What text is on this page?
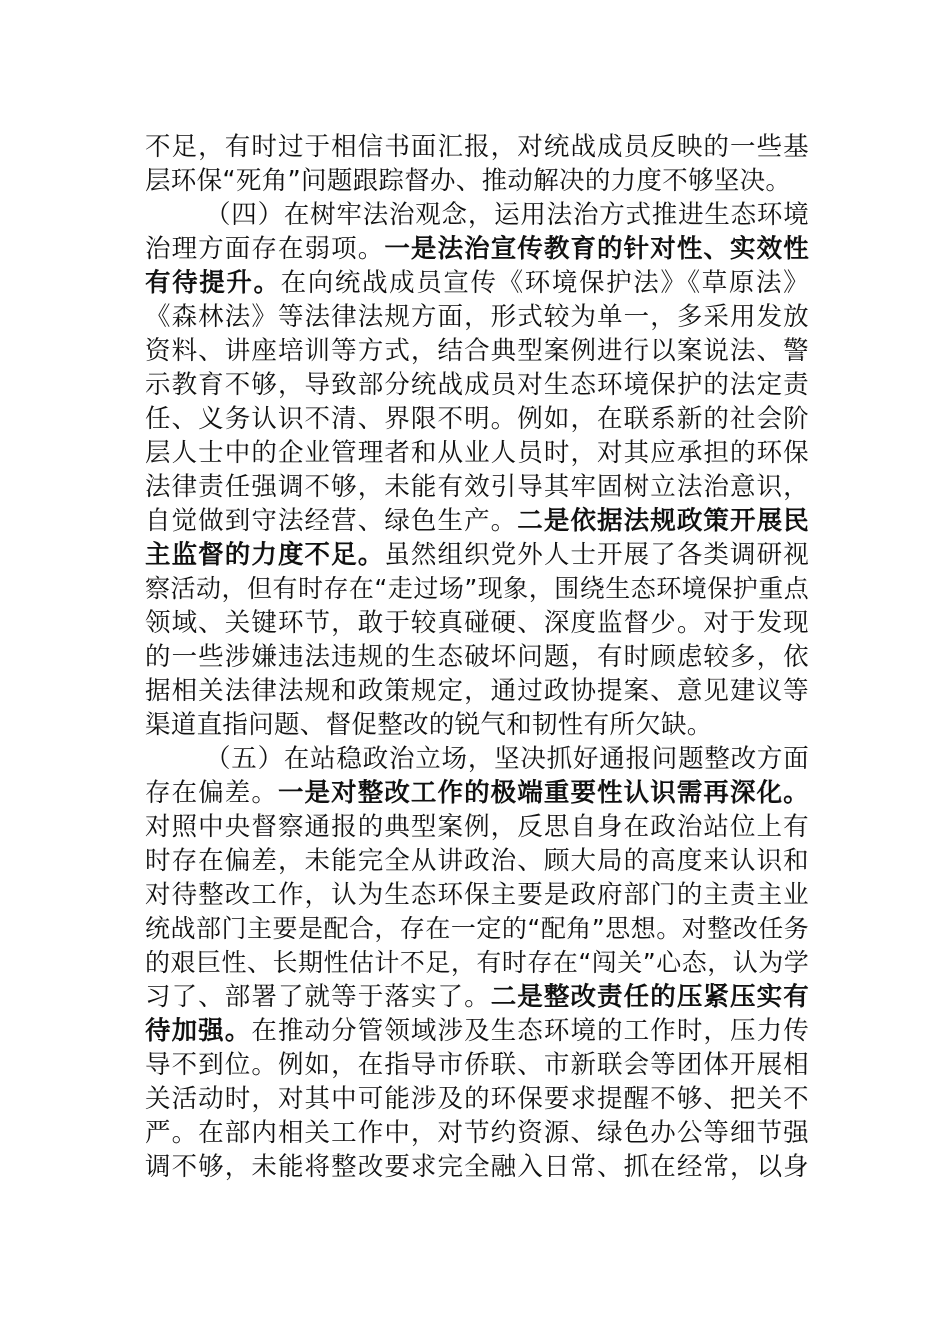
不足，有时过于相信书面汇报，对统战成员反映的一些基
层环保“死角”问题跟踪督办、推动解决的力度不够坚决。
（四）在树牢法治观念，运用法治方式推进生态环境
治理方面存在弱项。一是法治宣传教育的针对性、实效性
有待提升。在向统战成员宣传《环境保护法》《草原法》
《森林法》等法律法规方面，形式较为单一，多采用发放
资料、讲座培训等方式，结合典型案例进行以案说法、警
示教育不够，导致部分统战成员对生态环境保护的法定责
任、义务认识不清、界限不明。例如，在联系新的社会阶
层人士中的企业管理者和从业人员时，对其应承担的环保
法律责任强调不够，未能有效引导其牢固树立法治意识，
自觉做到守法经营、绿色生产。二是依据法规政策开展民
主监督的力度不足。虽然组织党外人士开展了各类调研视
察活动，但有时存在“走过场”现象，围绕生态环境保护重点
领域、关键环节，敢于较真碰硬、深度监督少。对于发现
的一些涉嫌违法违规的生态破坏问题，有时顾虑较多，依
据相关法律法规和政策规定，通过政协提案、意见建议等
渠道直指问题、督促整改的锐气和韧性有所欠缺。
（五）在站稳政治立场，坚决抓好通报问题整改方面
存在偏差。一是对整改工作的极端重要性认识需再深化。
对照中央督察通报的典型案例，反思自身在政治站位上有
时存在偏差，未能完全从讲政治、顾大局的高度来认识和
对待整改工作，认为生态环保主要是政府部门的主责主业
统战部门主要是配合，存在一定的“配角”思想。对整改任务
的艰巨性、长期性估计不足，有时存在“闯关”心态，认为学
习了、部署了就等于落实了。二是整改责任的压紧压实有
待加强。在推动分管领域涉及生态环境的工作时，压力传
导不到位。例如，在指导市侨联、市新联会等团体开展相
关活动时，对其中可能涉及的环保要求提醒不够、把关不
严。在部内相关工作中，对节约资源、绿色办公等细节强
调不够，未能将整改要求完全融入日常、抓在经常，以身
